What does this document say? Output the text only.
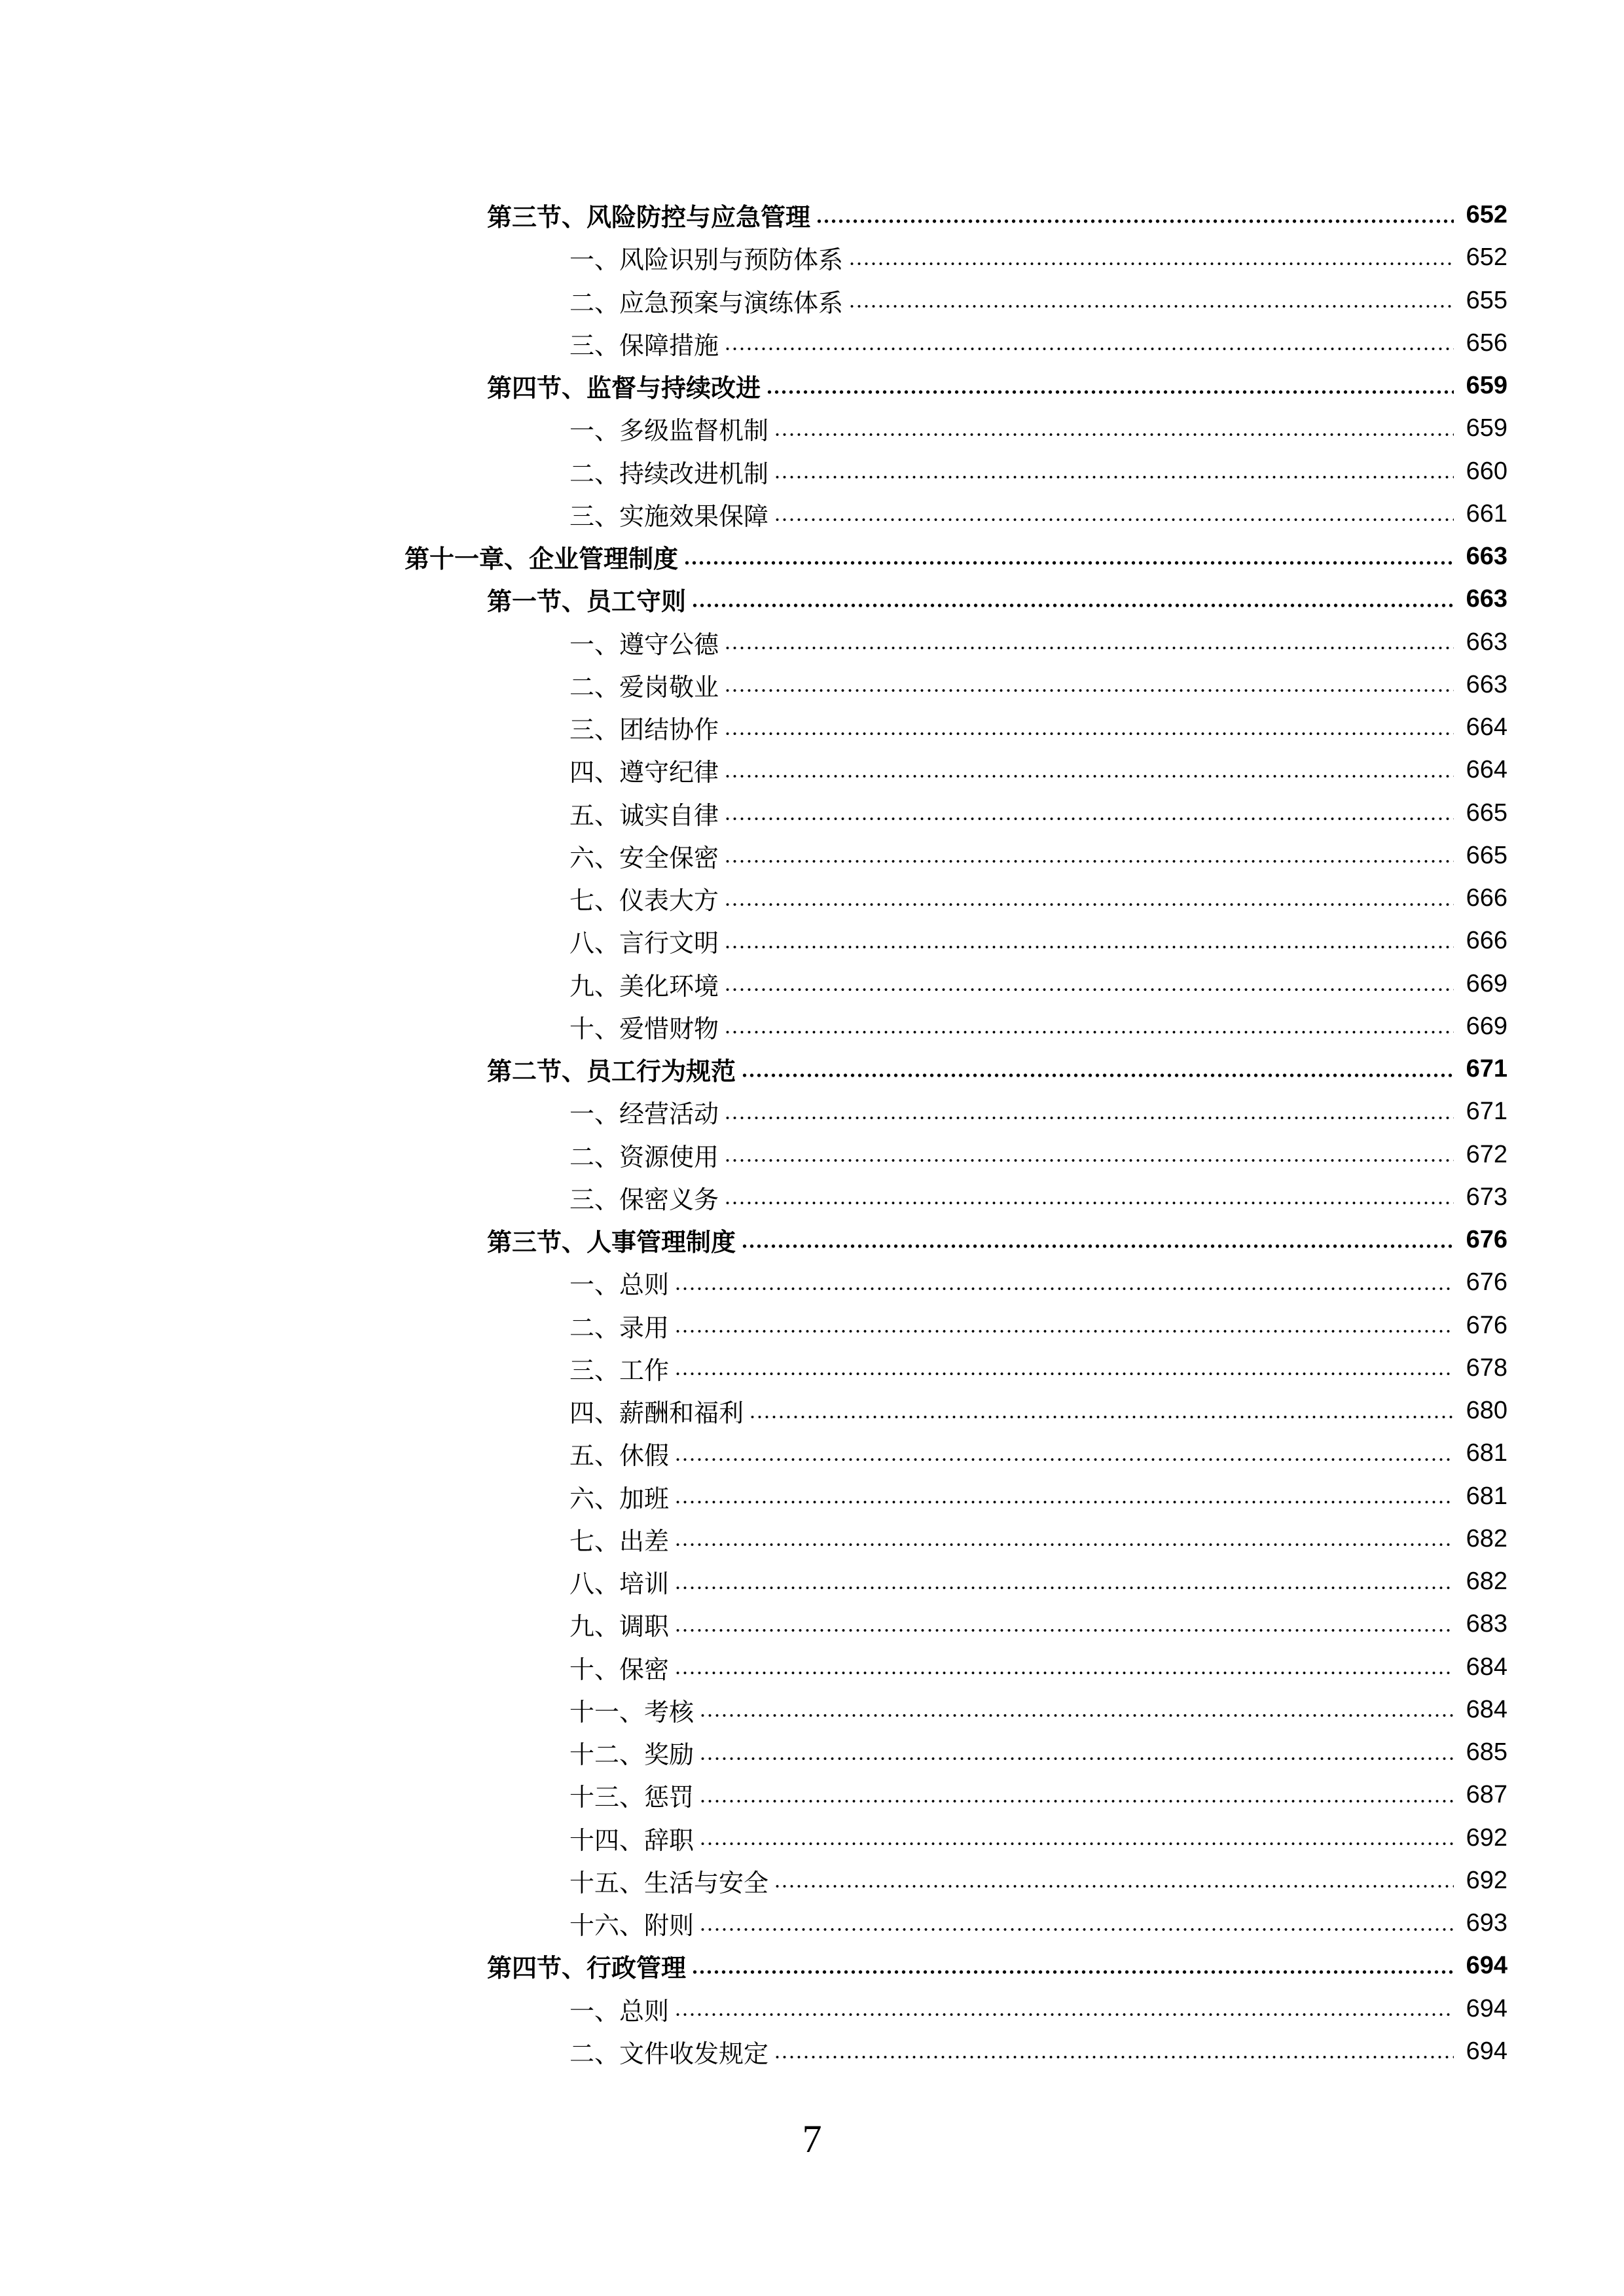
第三节、风险防控与应急管理	652
一、风险识别与预防体系	652
二、应急预案与演练体系	655
三、保障措施	656
第四节、监督与持续改进	659
一、多级监督机制	659
二、持续改进机制	660
三、实施效果保障	661
第十一章、企业管理制度	663
第一节、员工守则	663
一、遵守公德	663
二、爱岗敬业	663
三、团结协作	664
四、遵守纪律	664
五、诚实自律	665
六、安全保密	665
七、仪表大方	666
八、言行文明	666
九、美化环境	669
十、爱惜财物	669
第二节、员工行为规范	671
一、经营活动	671
二、资源使用	672
三、保密义务	673
第三节、人事管理制度	676
一、总则	676
二、录用	676
三、工作	678
四、薪酬和福利	680
五、休假	681
六、加班	681
七、出差	682
八、培训	682
九、调职	683
十、保密	684
十一、考核	684
十二、奖励	685
十三、惩罚	687
十四、辞职	692
十五、生活与安全	692
十六、附则	693
第四节、行政管理	694
一、总则	694
二、文件收发规定	694
7
